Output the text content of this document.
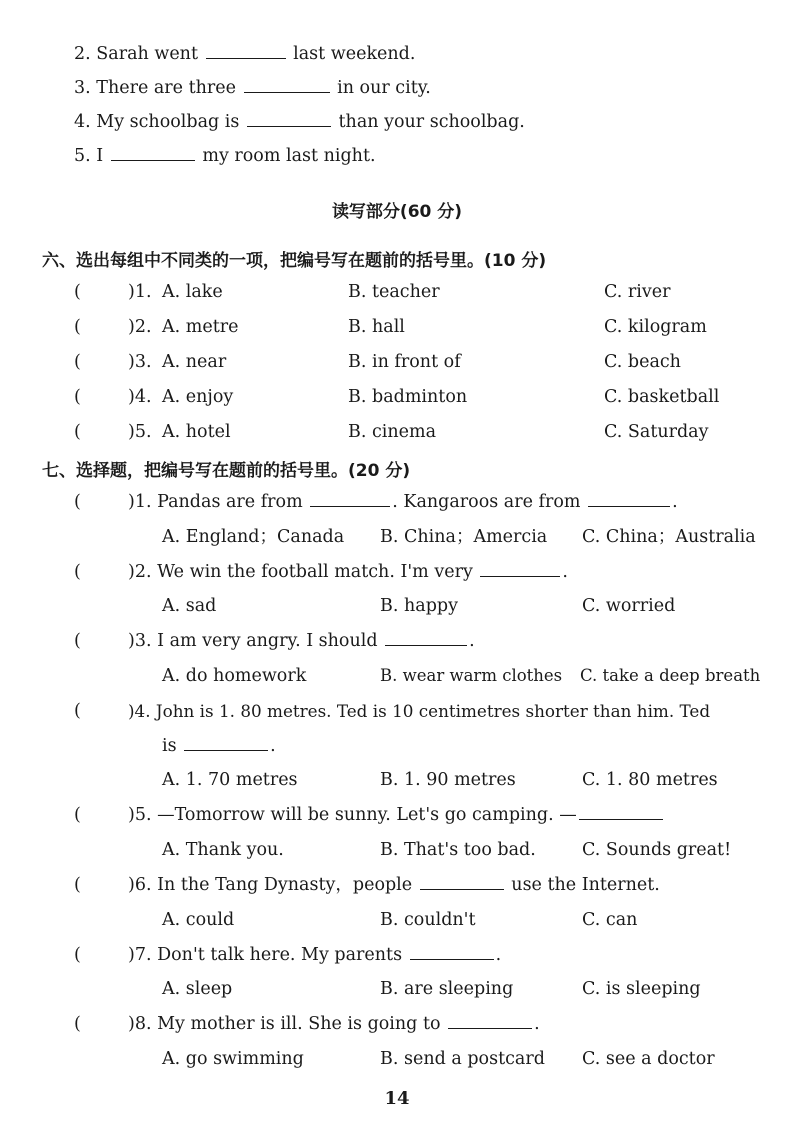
2. Sarah went	last weekend.
3. There are three	in our city.
4. My schoolbag is	than your schoolbag.
5. I	my room last night.
读写部分(60 分)
六、选出每组中不同类的一项，把编号写在题前的括号里。(10 分)
(	)1. A. lake	B. teacher	C. river
(	)2. A. metre	B. hall	C. kilogram
(	)3. A. near	B. in front of	C. beach
(	)4. A. enjoy	B. badminton	C. basketball
(	)5. A. hotel	B. cinema	C. Saturday
七、选择题，把编号写在题前的括号里。(20 分)
(	)1. Pandas are from	. Kangaroos are from	.
A. England；Canada B. China；Amercia C. China；Australia
(	)2. We win the football match. I'm very	.
A. sad	B. happy	C. worried
(	)3. I am very angry. I should	.
A. do homework	B. wear warm clothes C. take a deep breath
(	)4. John is 1. 80 metres. Ted is 10 centimetres shorter than him. Ted
is	.
A. 1. 70 metres	B. 1. 90 metres	C. 1. 80 metres
(	)5. —Tomorrow will be sunny. Let's go camping. —
A. Thank you.	B. That's too bad.	C. Sounds great!
(	)6. In the Tang Dynasty，people	use the Internet.
A. could	B. couldn't	C. can
(	)7. Don't talk here. My parents	.
A. sleep	B. are sleeping	C. is sleeping
(	)8. My mother is ill. She is going to	.
A. go swimming	B. send a postcard C. see a doctor
14
